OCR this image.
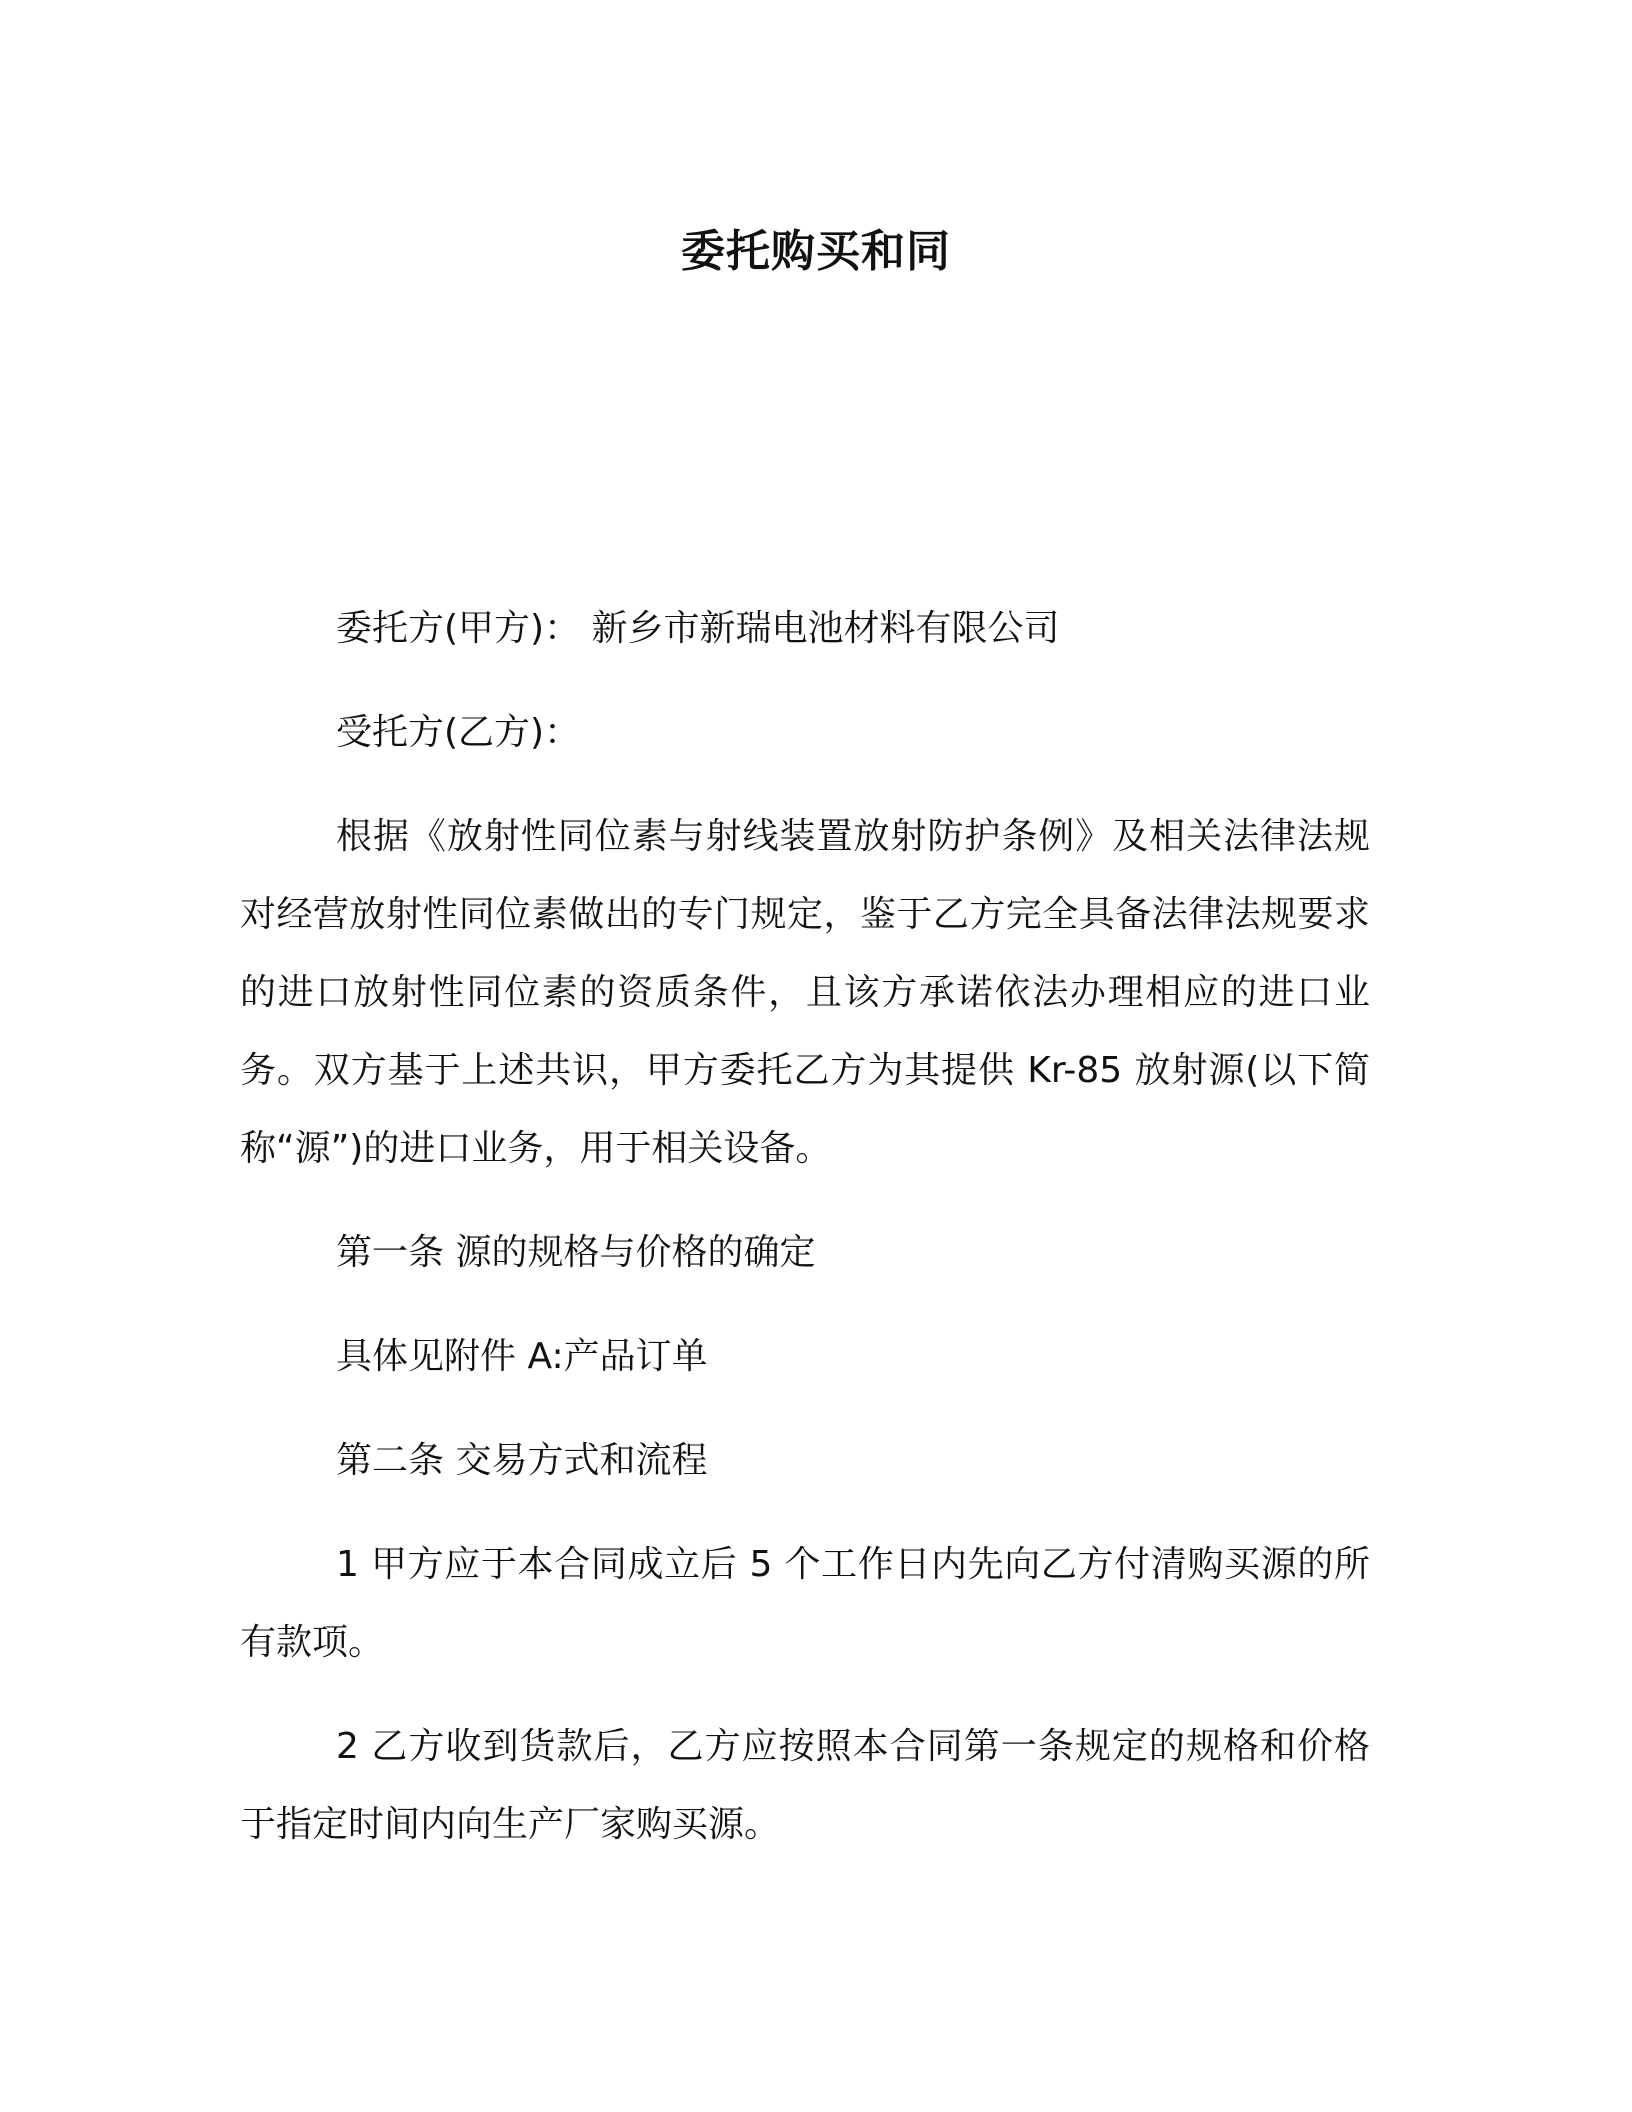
委托购买和同

委托方(甲方)： 新乡市新瑞电池材料有限公司

受托方(乙方)：

根据《放射性同位素与射线装置放射防护条例》及相关法律法规对经营放射性同位素做出的专门规定，鉴于乙方完全具备法律法规要求的进口放射性同位素的资质条件，且该方承诺依法办理相应的进口业务。双方基于上述共识，甲方委托乙方为其提供 Kr-85 放射源(以下简称“源”)的进口业务，用于相关设备。

第一条 源的规格与价格的确定

具体见附件 A:产品订单

第二条 交易方式和流程

1 甲方应于本合同成立后 5 个工作日内先向乙方付清购买源的所有款项。

2 乙方收到货款后，乙方应按照本合同第一条规定的规格和价格于指定时间内向生产厂家购买源。
